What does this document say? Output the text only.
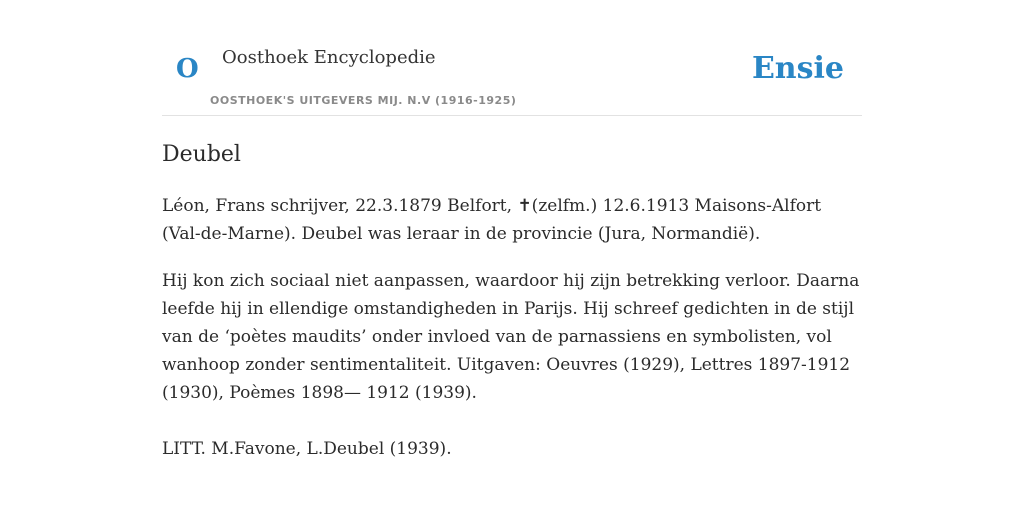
O Oosthoek Encyclopedie
OOSTHOEK'S UITGEVERS MIJ. N.V (1916-1925)
Ensie
Deubel

Léon, Frans schrijver, 22.3.1879 Belfort, ✝(zelfm.) 12.6.1913 Maisons-Alfort (Val-de-Marne). Deubel was leraar in de provincie (Jura, Normandië).

Hij kon zich sociaal niet aanpassen, waardoor hij zijn betrekking verloor. Daarna leefde hij in ellendige omstandigheden in Parijs. Hij schreef gedichten in de stijl van de ‘poètes maudits’ onder invloed van de parnassiens en symbolisten, vol wanhoop zonder sentimentaliteit. Uitgaven: Oeuvres (1929), Lettres 1897-1912 (1930), Poèmes 1898— 1912 (1939).

LITT. M.Favone, L.Deubel (1939).
